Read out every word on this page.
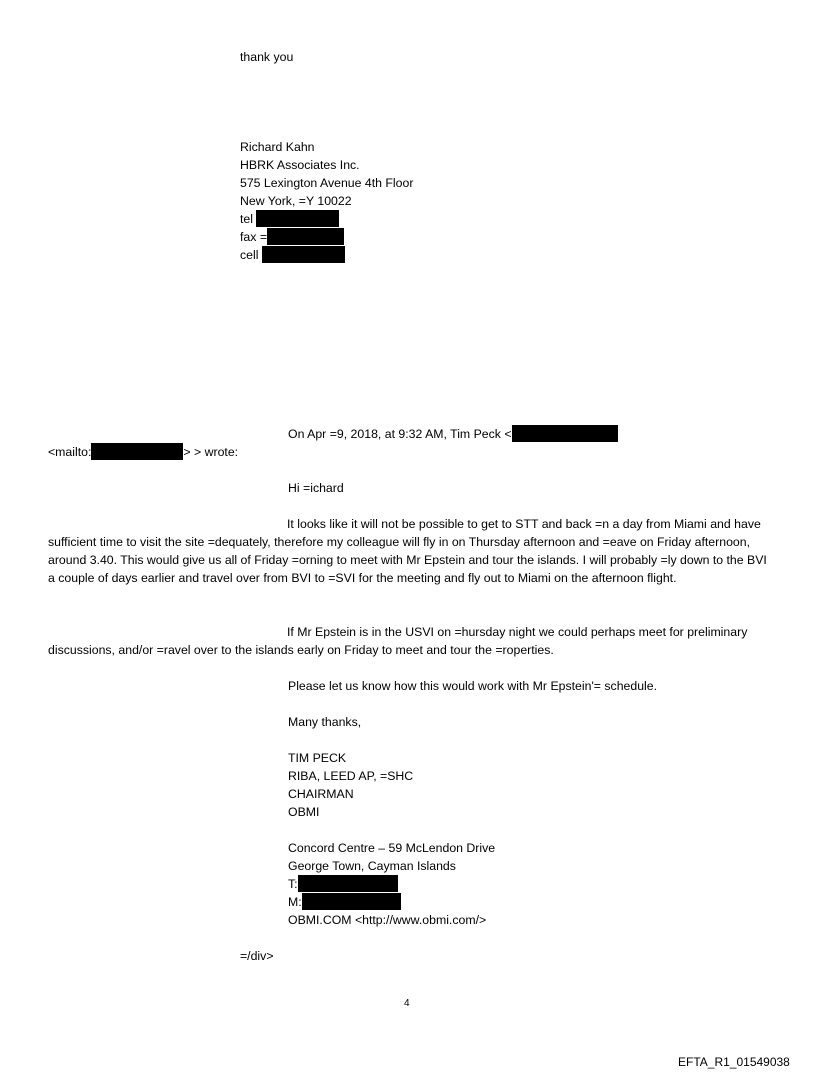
thank you
Richard Kahn
HBRK Associates Inc.
575 Lexington Avenue 4th Floor
New York, =Y 10022
tel
fax =
cell
On Apr =9, 2018, at 9:32 AM, Tim Peck <
<mailto:	> > wrote:
Hi =ichard
It looks like it will not be possible to get to STT and back =n a day from Miami and have sufficient time to visit the site =dequately, therefore my colleague will fly in on Thursday afternoon and =eave on Friday afternoon, around 3.40. This would give us all of Friday =orning to meet with Mr Epstein and tour the islands. I will probably =ly down to the BVI a couple of days earlier and travel over from BVI to =SVI for the meeting and fly out to Miami on the afternoon flight.
If Mr Epstein is in the USVI on =hursday night we could perhaps meet for preliminary discussions, and/or =ravel over to the islands early on Friday to meet and tour the =roperties.
Please let us know how this would work with Mr Epstein'= schedule.
Many thanks,
TIM PECK
RIBA, LEED AP, =SHC
CHAIRMAN
OBMI
Concord Centre – 59 McLendon Drive
George Town, Cayman Islands
T:
M:
OBMI.COM <http://www.obmi.com/>
=/div>
4
EFTA_R1_01549038
